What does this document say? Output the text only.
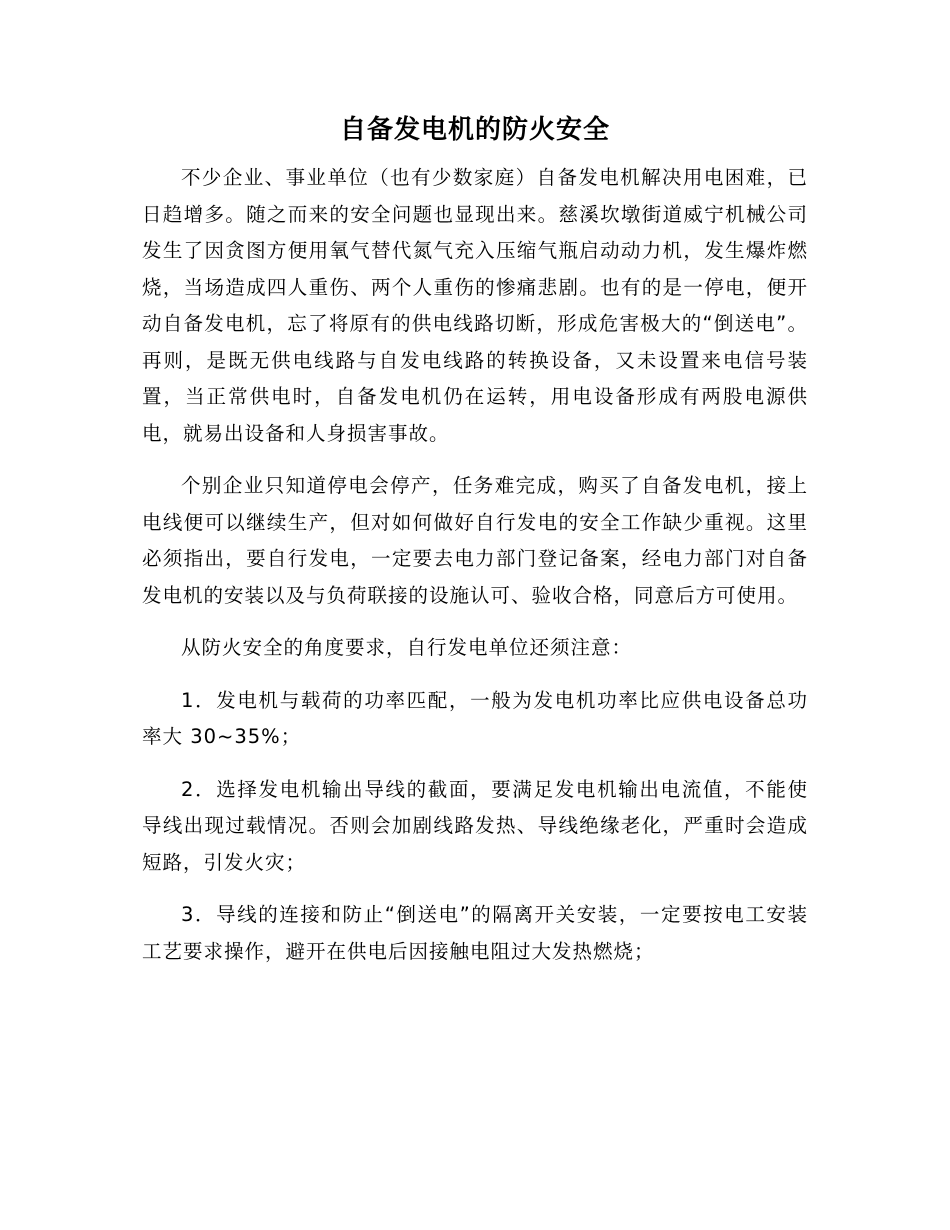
自备发电机的防火安全

不少企业、事业单位（也有少数家庭）自备发电机解决用电困难，已日趋增多。随之而来的安全问题也显现出来。慈溪坎墩街道威宁机械公司发生了因贪图方便用氧气替代氮气充入压缩气瓶启动动力机，发生爆炸燃烧，当场造成四人重伤、两个人重伤的惨痛悲剧。也有的是一停电，便开动自备发电机，忘了将原有的供电线路切断，形成危害极大的“倒送电”。再则，是既无供电线路与自发电线路的转换设备，又未设置来电信号装置，当正常供电时，自备发电机仍在运转，用电设备形成有两股电源供电，就易出设备和人身损害事故。

个别企业只知道停电会停产，任务难完成，购买了自备发电机，接上电线便可以继续生产，但对如何做好自行发电的安全工作缺少重视。这里必须指出，要自行发电，一定要去电力部门登记备案，经电力部门对自备发电机的安装以及与负荷联接的设施认可、验收合格，同意后方可使用。

从防火安全的角度要求，自行发电单位还须注意：

1．发电机与载荷的功率匹配，一般为发电机功率比应供电设备总功率大 30~35%；

2．选择发电机输出导线的截面，要满足发电机输出电流值，不能使导线出现过载情况。否则会加剧线路发热、导线绝缘老化，严重时会造成短路，引发火灾；

3．导线的连接和防止“倒送电”的隔离开关安装，一定要按电工安装工艺要求操作，避开在供电后因接触电阻过大发热燃烧；
